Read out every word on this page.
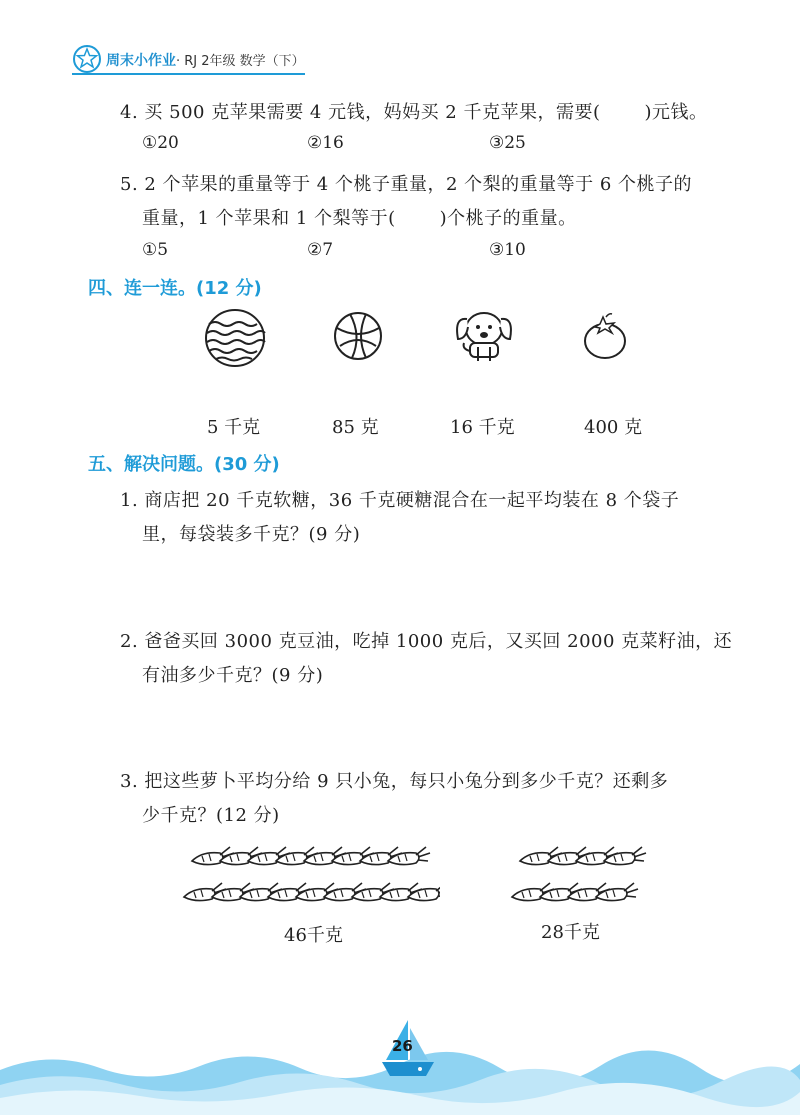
周末小作业· RJ 2年级 数学（下）
4. 买 500 克苹果需要 4 元钱，妈妈买 2 千克苹果，需要( )元钱。
①20	②16	③25
5. 2 个苹果的重量等于 4 个桃子重量，2 个梨的重量等于 6 个桃子的
重量，1 个苹果和 1 个梨等于( )个桃子的重量。
①5	②7	③10
四、连一连。(12 分)
5 千克	85 克	16 千克	400 克
五、解决问题。(30 分)
1. 商店把 20 千克软糖，36 千克硬糖混合在一起平均装在 8 个袋子
里，每袋装多千克？(9 分)
2. 爸爸买回 3000 克豆油，吃掉 1000 克后，又买回 2000 克菜籽油，还
有油多少千克？(9 分)
3. 把这些萝卜平均分给 9 只小兔，每只小兔分到多少千克？还剩多
少千克？(12 分)
46千克	28千克
26
